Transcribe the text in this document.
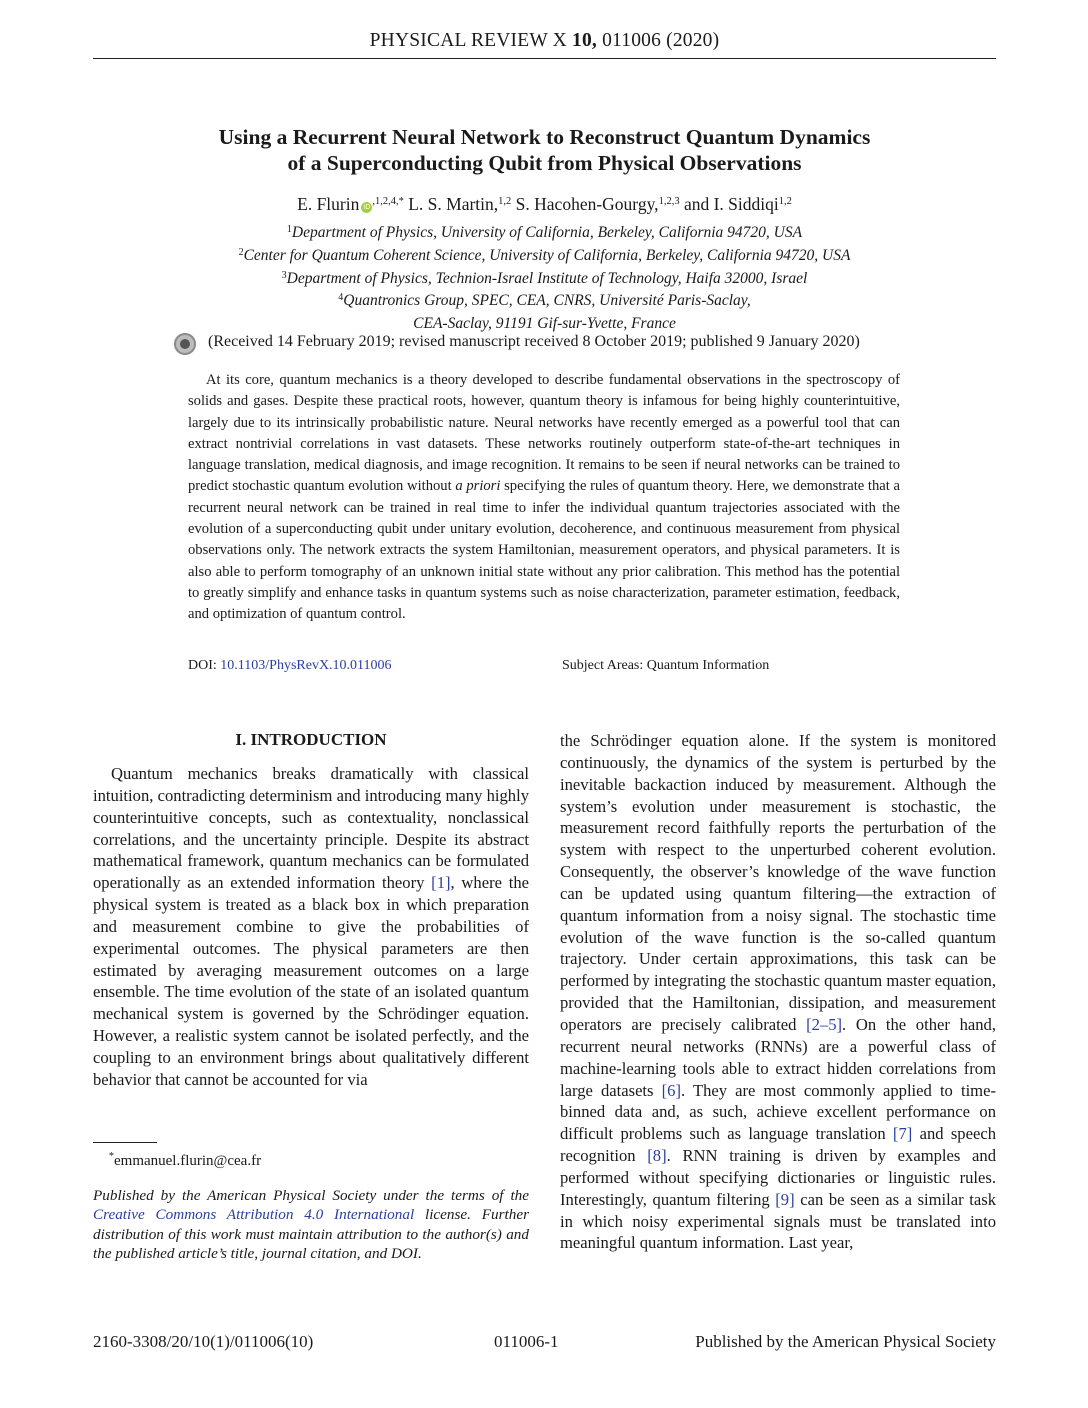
PHYSICAL REVIEW X 10, 011006 (2020)
Using a Recurrent Neural Network to Reconstruct Quantum Dynamics
of a Superconducting Qubit from Physical Observations
E. Flurin iD $^{,1,2,4,*}$ L. S. Martin,$^{1,2}$ S. Hacohen-Gourgy,$^{1,2,3}$ and I. Siddiqi$^{1,2}$
$^1$Department of Physics, University of California, Berkeley, California 94720, USA
$^2$Center for Quantum Coherent Science, University of California, Berkeley, California 94720, USA
$^3$Department of Physics, Technion-Israel Institute of Technology, Haifa 32000, Israel
$^4$Quantronics Group, SPEC, CEA, CNRS, Université Paris-Saclay,
CEA-Saclay, 91191 Gif-sur-Yvette, France
(Received 14 February 2019; revised manuscript received 8 October 2019; published 9 January 2020)

At its core, quantum mechanics is a theory developed to describe fundamental observations in the spectroscopy of solids and gases. Despite these practical roots, however, quantum theory is infamous for being highly counterintuitive, largely due to its intrinsically probabilistic nature. Neural networks have recently emerged as a powerful tool that can extract nontrivial correlations in vast datasets. These networks routinely outperform state-of-the-art techniques in language translation, medical diagnosis, and image recognition. It remains to be seen if neural networks can be trained to predict stochastic quantum evolution without a priori specifying the rules of quantum theory. Here, we demonstrate that a recurrent neural network can be trained in real time to infer the individual quantum trajectories associated with the evolution of a superconducting qubit under unitary evolution, decoherence, and continuous measurement from physical observations only. The network extracts the system Hamiltonian, measurement operators, and physical parameters. It is also able to perform tomography of an unknown initial state without any prior calibration. This method has the potential to greatly simplify and enhance tasks in quantum systems such as noise characterization, parameter estimation, feedback, and optimization of quantum control.

DOI: 10.1103/PhysRevX.10.011006	Subject Areas: Quantum Information
I. INTRODUCTION

Quantum mechanics breaks dramatically with classical intuition, contradicting determinism and introducing many highly counterintuitive concepts, such as contextuality, nonclassical correlations, and the uncertainty principle. Despite its abstract mathematical framework, quantum mechanics can be formulated operationally as an extended information theory [1], where the physical system is treated as a black box in which preparation and measurement combine to give the probabilities of experimental outcomes. The physical parameters are then estimated by averaging measurement outcomes on a large ensemble. The time evolution of the state of an isolated quantum mechanical system is governed by the Schrödinger equation. However, a realistic system cannot be isolated perfectly, and the coupling to an environment brings about qualitatively different behavior that cannot be accounted for via

the Schrödinger equation alone. If the system is monitored continuously, the dynamics of the system is perturbed by the inevitable backaction induced by measurement. Although the system’s evolution under measurement is stochastic, the measurement record faithfully reports the perturbation of the system with respect to the unperturbed coherent evolution. Consequently, the observer’s knowledge of the wave function can be updated using quantum filtering—the extraction of quantum information from a noisy signal. The stochastic time evolution of the wave function is the so-called quantum trajectory. Under certain approximations, this task can be performed by integrating the stochastic quantum master equation, provided that the Hamiltonian, dissipation, and measurement operators are precisely calibrated [2–5]. On the other hand, recurrent neural networks (RNNs) are a powerful class of machine-learning tools able to extract hidden correlations from large datasets [6]. They are most commonly applied to time-binned data and, as such, achieve excellent performance on difficult problems such as language translation [7] and speech recognition [8]. RNN training is driven by examples and performed without specifying dictionaries or linguistic rules. Interestingly, quantum filtering [9] can be seen as a similar task in which noisy experimental signals must be translated into meaningful quantum information. Last year,

*emmanuel.flurin@cea.fr
Published by the American Physical Society under the terms of the Creative Commons Attribution 4.0 International license. Further distribution of this work must maintain attribution to the author(s) and the published article’s title, journal citation, and DOI.
2160-3308/20/10(1)/011006(10)	011006-1	Published by the American Physical Society
